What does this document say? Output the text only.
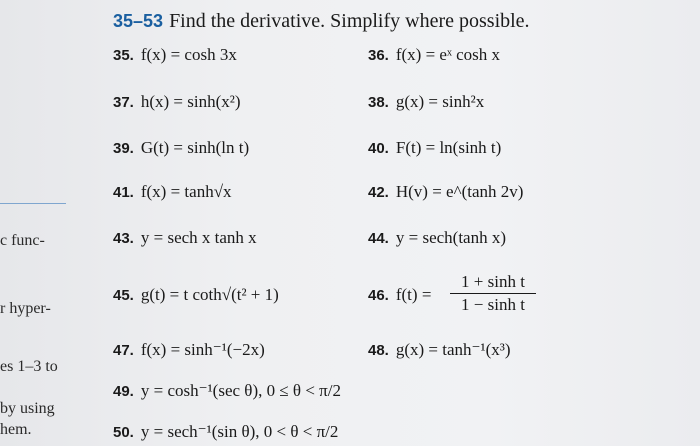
c func-
r hyper-
es 1–3 to
by using
hem.
35–53 Find the derivative. Simplify where possible.
35. f(x) = cosh 3x	36. f(x) = eˣ cosh x
37. h(x) = sinh(x²)	38. g(x) = sinh²x
39. G(t) = sinh(ln t)	40. F(t) = ln(sinh t)
41. f(x) = tanh√x	42. H(v) = e^(tanh 2v)
43. y = sech x tanh x	44. y = sech(tanh x)
45. g(t) = t coth√(t² + 1)	46. f(t) =
1 + sinh t
1 − sinh t
47. f(x) = sinh⁻¹(−2x)	48. g(x) = tanh⁻¹(x³)
49. y = cosh⁻¹(sec θ), 0 ≤ θ < π/2
50. y = sech⁻¹(sin θ), 0 < θ < π/2
